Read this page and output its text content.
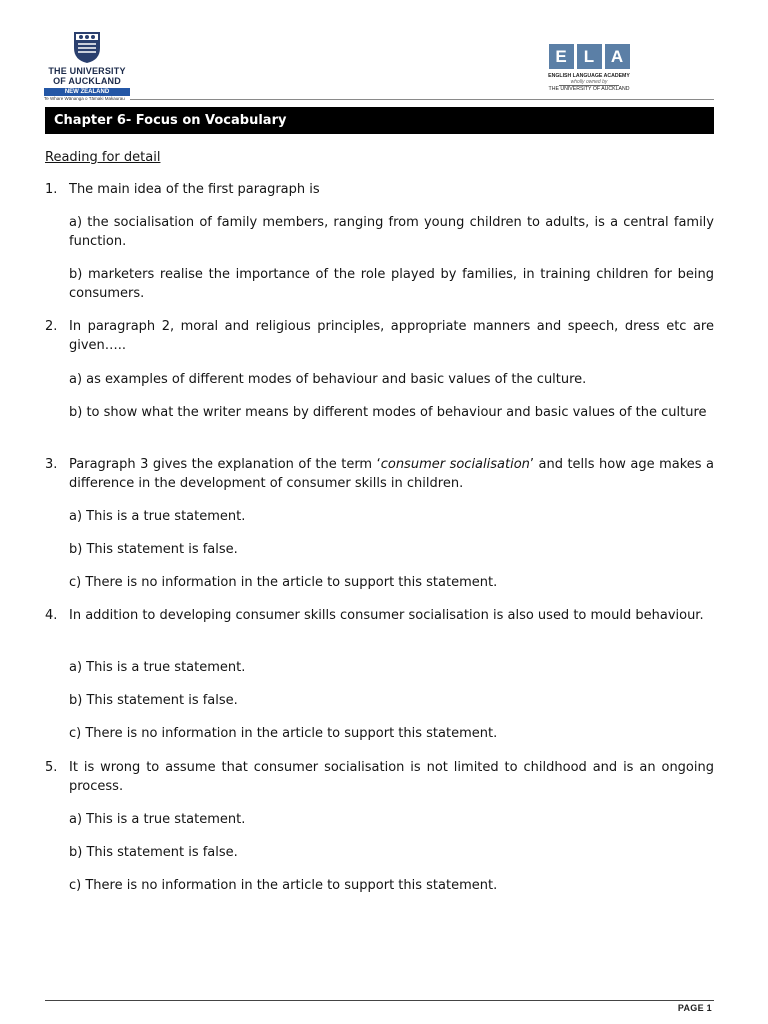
THE UNIVERSITY
OF AUCKLAND
NEW ZEALAND
Te Whare Wānanga o Tāmaki Makaurau
E	L A
ENGLISH LANGUAGE ACADEMY
wholly owned by
THE UNIVERSITY OF AUCKLAND
Chapter 6- Focus on Vocabulary
Reading for detail
1. The main idea of the first paragraph is
a) the socialisation of family members, ranging from young children to adults, is a central family function.
b) marketers realise the importance of the role played by families, in training children for being consumers.
2. In paragraph 2, moral and religious principles, appropriate manners and speech, dress etc are given…..
a) as examples of different modes of behaviour and basic values of the culture.
b) to show what the writer means by different modes of behaviour and basic values of the culture
3. Paragraph 3 gives the explanation of the term ‘consumer socialisation’ and tells how age makes a difference in the development of consumer skills in children.
a) This is a true statement.
b) This statement is false.
c) There is no information in the article to support this statement.
4. In addition to developing consumer skills consumer socialisation is also used to mould behaviour.
a) This is a true statement.
b) This statement is false.
c) There is no information in the article to support this statement.
5. It is wrong to assume that consumer socialisation is not limited to childhood and is an ongoing process.
a) This is a true statement.
b) This statement is false.
c) There is no information in the article to support this statement.
PAGE 1
